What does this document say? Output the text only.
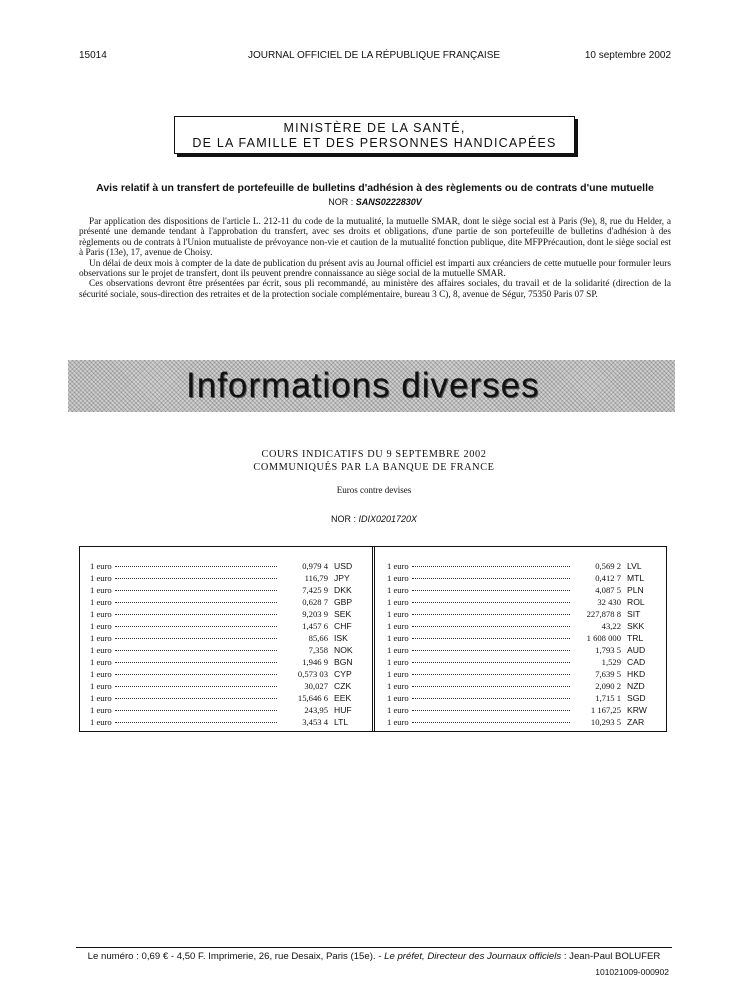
15014	JOURNAL OFFICIEL DE LA RÉPUBLIQUE FRANÇAISE	10 septembre 2002
MINISTÈRE DE LA SANTÉ,
DE LA FAMILLE ET DES PERSONNES HANDICAPÉES
Avis relatif à un transfert de portefeuille de bulletins d'adhésion à des règlements ou de contrats d'une mutuelle
NOR : SANS0222830V

Par application des dispositions de l'article L. 212-11 du code de la mutualité, la mutuelle SMAR, dont le siège social est à Paris (9e), 8, rue du Helder, a présenté une demande tendant à l'approbation du transfert, avec ses droits et obligations, d'une partie de son portefeuille de bulletins d'adhésion à des règlements ou de contrats à l'Union mutualiste de prévoyance non-vie et caution de la mutualité fonction publique, dite MFPPrécaution, dont le siège social est à Paris (13e), 17, avenue de Choisy.

Un délai de deux mois à compter de la date de publication du présent avis au Journal officiel est imparti aux créanciers de cette mutuelle pour formuler leurs observations sur le projet de transfert, dont ils peuvent prendre connaissance au siège social de la mutuelle SMAR.

Ces observations devront être présentées par écrit, sous pli recommandé, au ministère des affaires sociales, du travail et de la solidarité (direction de la sécurité sociale, sous-direction des retraites et de la protection sociale complémentaire, bureau 3 C), 8, avenue de Ségur, 75350 Paris 07 SP.

Informations diverses
COURS INDICATIFS DU 9 SEPTEMBRE 2002
COMMUNIQUÉS PAR LA BANQUE DE FRANCE
Euros contre devises
NOR : IDIX0201720X
1 euro	0,979 4 USD
1 euro	116,79 JPY
1 euro	7,425 9 DKK
1 euro	0,628 7 GBP
1 euro	9,203 9 SEK
1 euro	1,457 6 CHF
1 euro	85,66 ISK
1 euro	7,358 NOK
1 euro	1,946 9 BGN
1 euro	0,573 03 CYP
1 euro	30,027 CZK
1 euro	15,646 6 EEK
1 euro	243,95 HUF
1 euro	3,453 4 LTL
1 euro	0,569 2 LVL
1 euro	0,412 7 MTL
1 euro	4,087 5 PLN
1 euro	32 430 ROL
1 euro	227,878 8 SIT
1 euro	43,22 SKK
1 euro	1 608 000 TRL
1 euro	1,793 5 AUD
1 euro	1,529 CAD
1 euro	7,639 5 HKD
1 euro	2,090 2 NZD
1 euro	1,715 1 SGD
1 euro	1 167,25 KRW
1 euro	10,293 5 ZAR
Le numéro : 0,69 € - 4,50 F. Imprimerie, 26, rue Desaix, Paris (15e). - Le préfet, Directeur des Journaux officiels : Jean-Paul BOLUFER
101021009-000902
